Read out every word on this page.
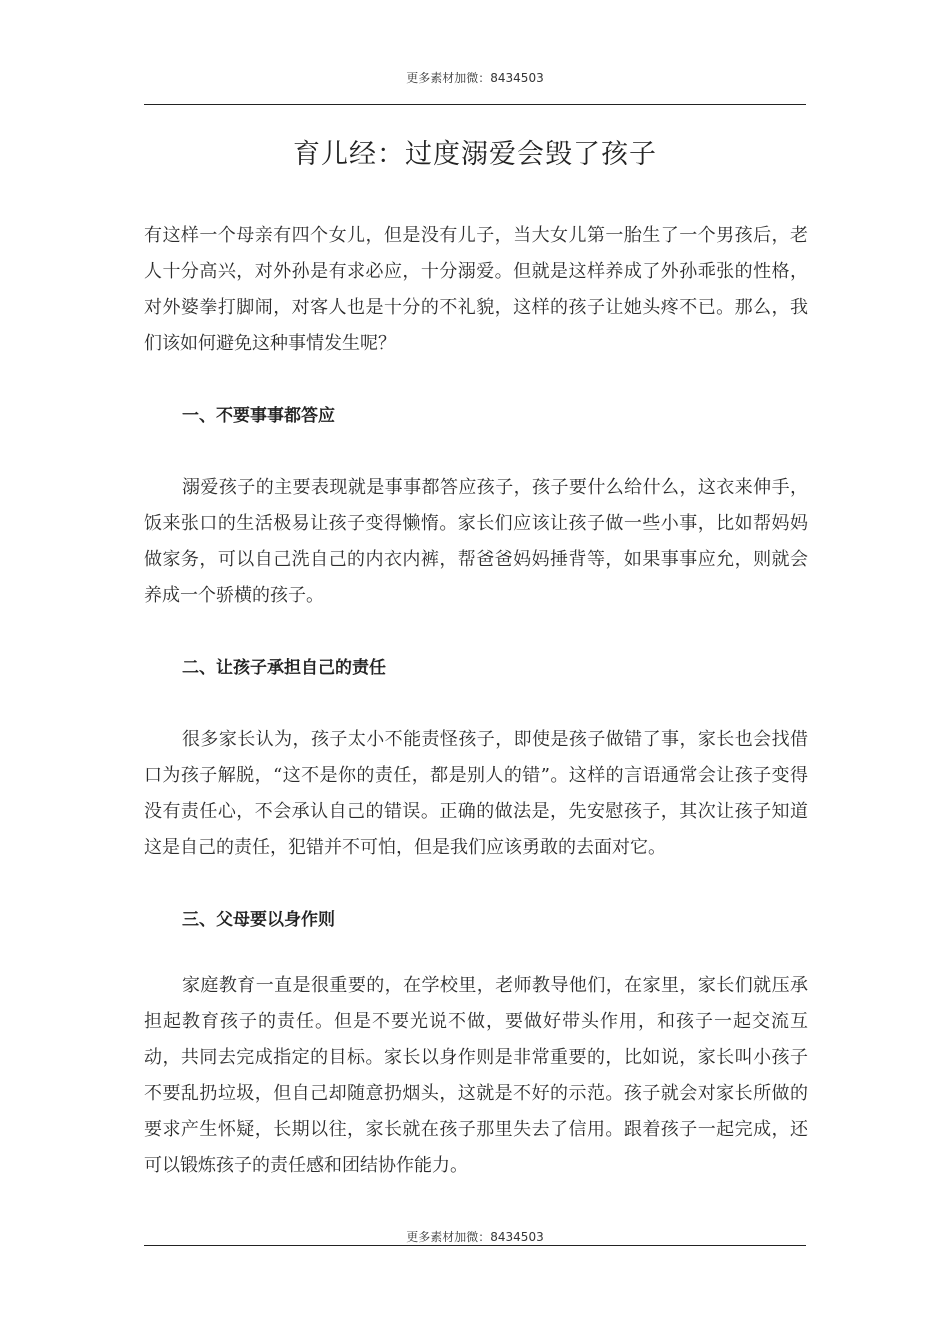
更多素材加微：8434503
育儿经：过度溺爱会毁了孩子

有这样一个母亲有四个女儿，但是没有儿子，当大女儿第一胎生了一个男孩后，老人十分高兴，对外孙是有求必应，十分溺爱。但就是这样养成了外孙乖张的性格，对外婆拳打脚闹，对客人也是十分的不礼貌，这样的孩子让她头疼不已。那么，我们该如何避免这种事情发生呢？

一、不要事事都答应

溺爱孩子的主要表现就是事事都答应孩子，孩子要什么给什么，这衣来伸手，饭来张口的生活极易让孩子变得懒惰。家长们应该让孩子做一些小事，比如帮妈妈做家务，可以自己洗自己的内衣内裤，帮爸爸妈妈捶背等，如果事事应允，则就会养成一个骄横的孩子。

二、让孩子承担自己的责任

很多家长认为，孩子太小不能责怪孩子，即使是孩子做错了事，家长也会找借口为孩子解脱，“这不是你的责任，都是别人的错”。这样的言语通常会让孩子变得没有责任心，不会承认自己的错误。正确的做法是，先安慰孩子，其次让孩子知道这是自己的责任，犯错并不可怕，但是我们应该勇敢的去面对它。

三、父母要以身作则

家庭教育一直是很重要的，在学校里，老师教导他们，在家里，家长们就压承担起教育孩子的责任。但是不要光说不做，要做好带头作用，和孩子一起交流互动，共同去完成指定的目标。家长以身作则是非常重要的，比如说，家长叫小孩子不要乱扔垃圾，但自己却随意扔烟头，这就是不好的示范。孩子就会对家长所做的要求产生怀疑，长期以往，家长就在孩子那里失去了信用。跟着孩子一起完成，还可以锻炼孩子的责任感和团结协作能力。

更多素材加微：8434503
